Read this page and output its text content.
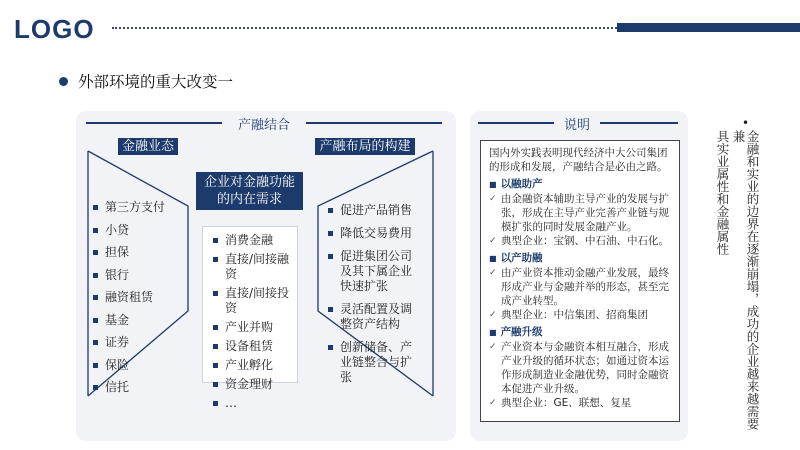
LOGO
外部环境的重大改变一
产融结合
金融业态
第三方支付
小贷
担保
银行
融资租赁
基金
证券
保险
信托
企业对金融功能
的内在需求
消费金融
直接/间接融资
直接/间接投资
产业并购
设备租赁
产业孵化
资金理财
…
产融布局的构建
促进产品销售
降低交易费用
促进集团公司及其下属企业快速扩张
灵活配置及调整资产结构
创新储备、产业链整合与扩张
说明

国内外实践表明现代经济中大公司集团的形成和发展，产融结合是必由之路。

■ 以融助产

✓ 由金融资本辅助主导产业的发展与扩张，形成在主导产业完善产业链与规模扩张的同时发展金融产业。

✓ 典型企业：宝钢、中石油、中石化。

■ 以产助融

✓ 由产业资本推动金融产业发展，最终形成产业与金融并举的形态，甚至完成产业转型。

✓ 典型企业：中信集团、招商集团

■ 产融升级

✓ 产业资本与金融资本相互融合，形成产业升级的循环状态；如通过资本运作形成制造业金融优势，同时金融资本促进产业升级。

✓ 典型企业：GE、联想、复星

•
金融和实业的边界在逐渐崩塌，成功的企业越来越需要兼
具实业属性和金融属性
